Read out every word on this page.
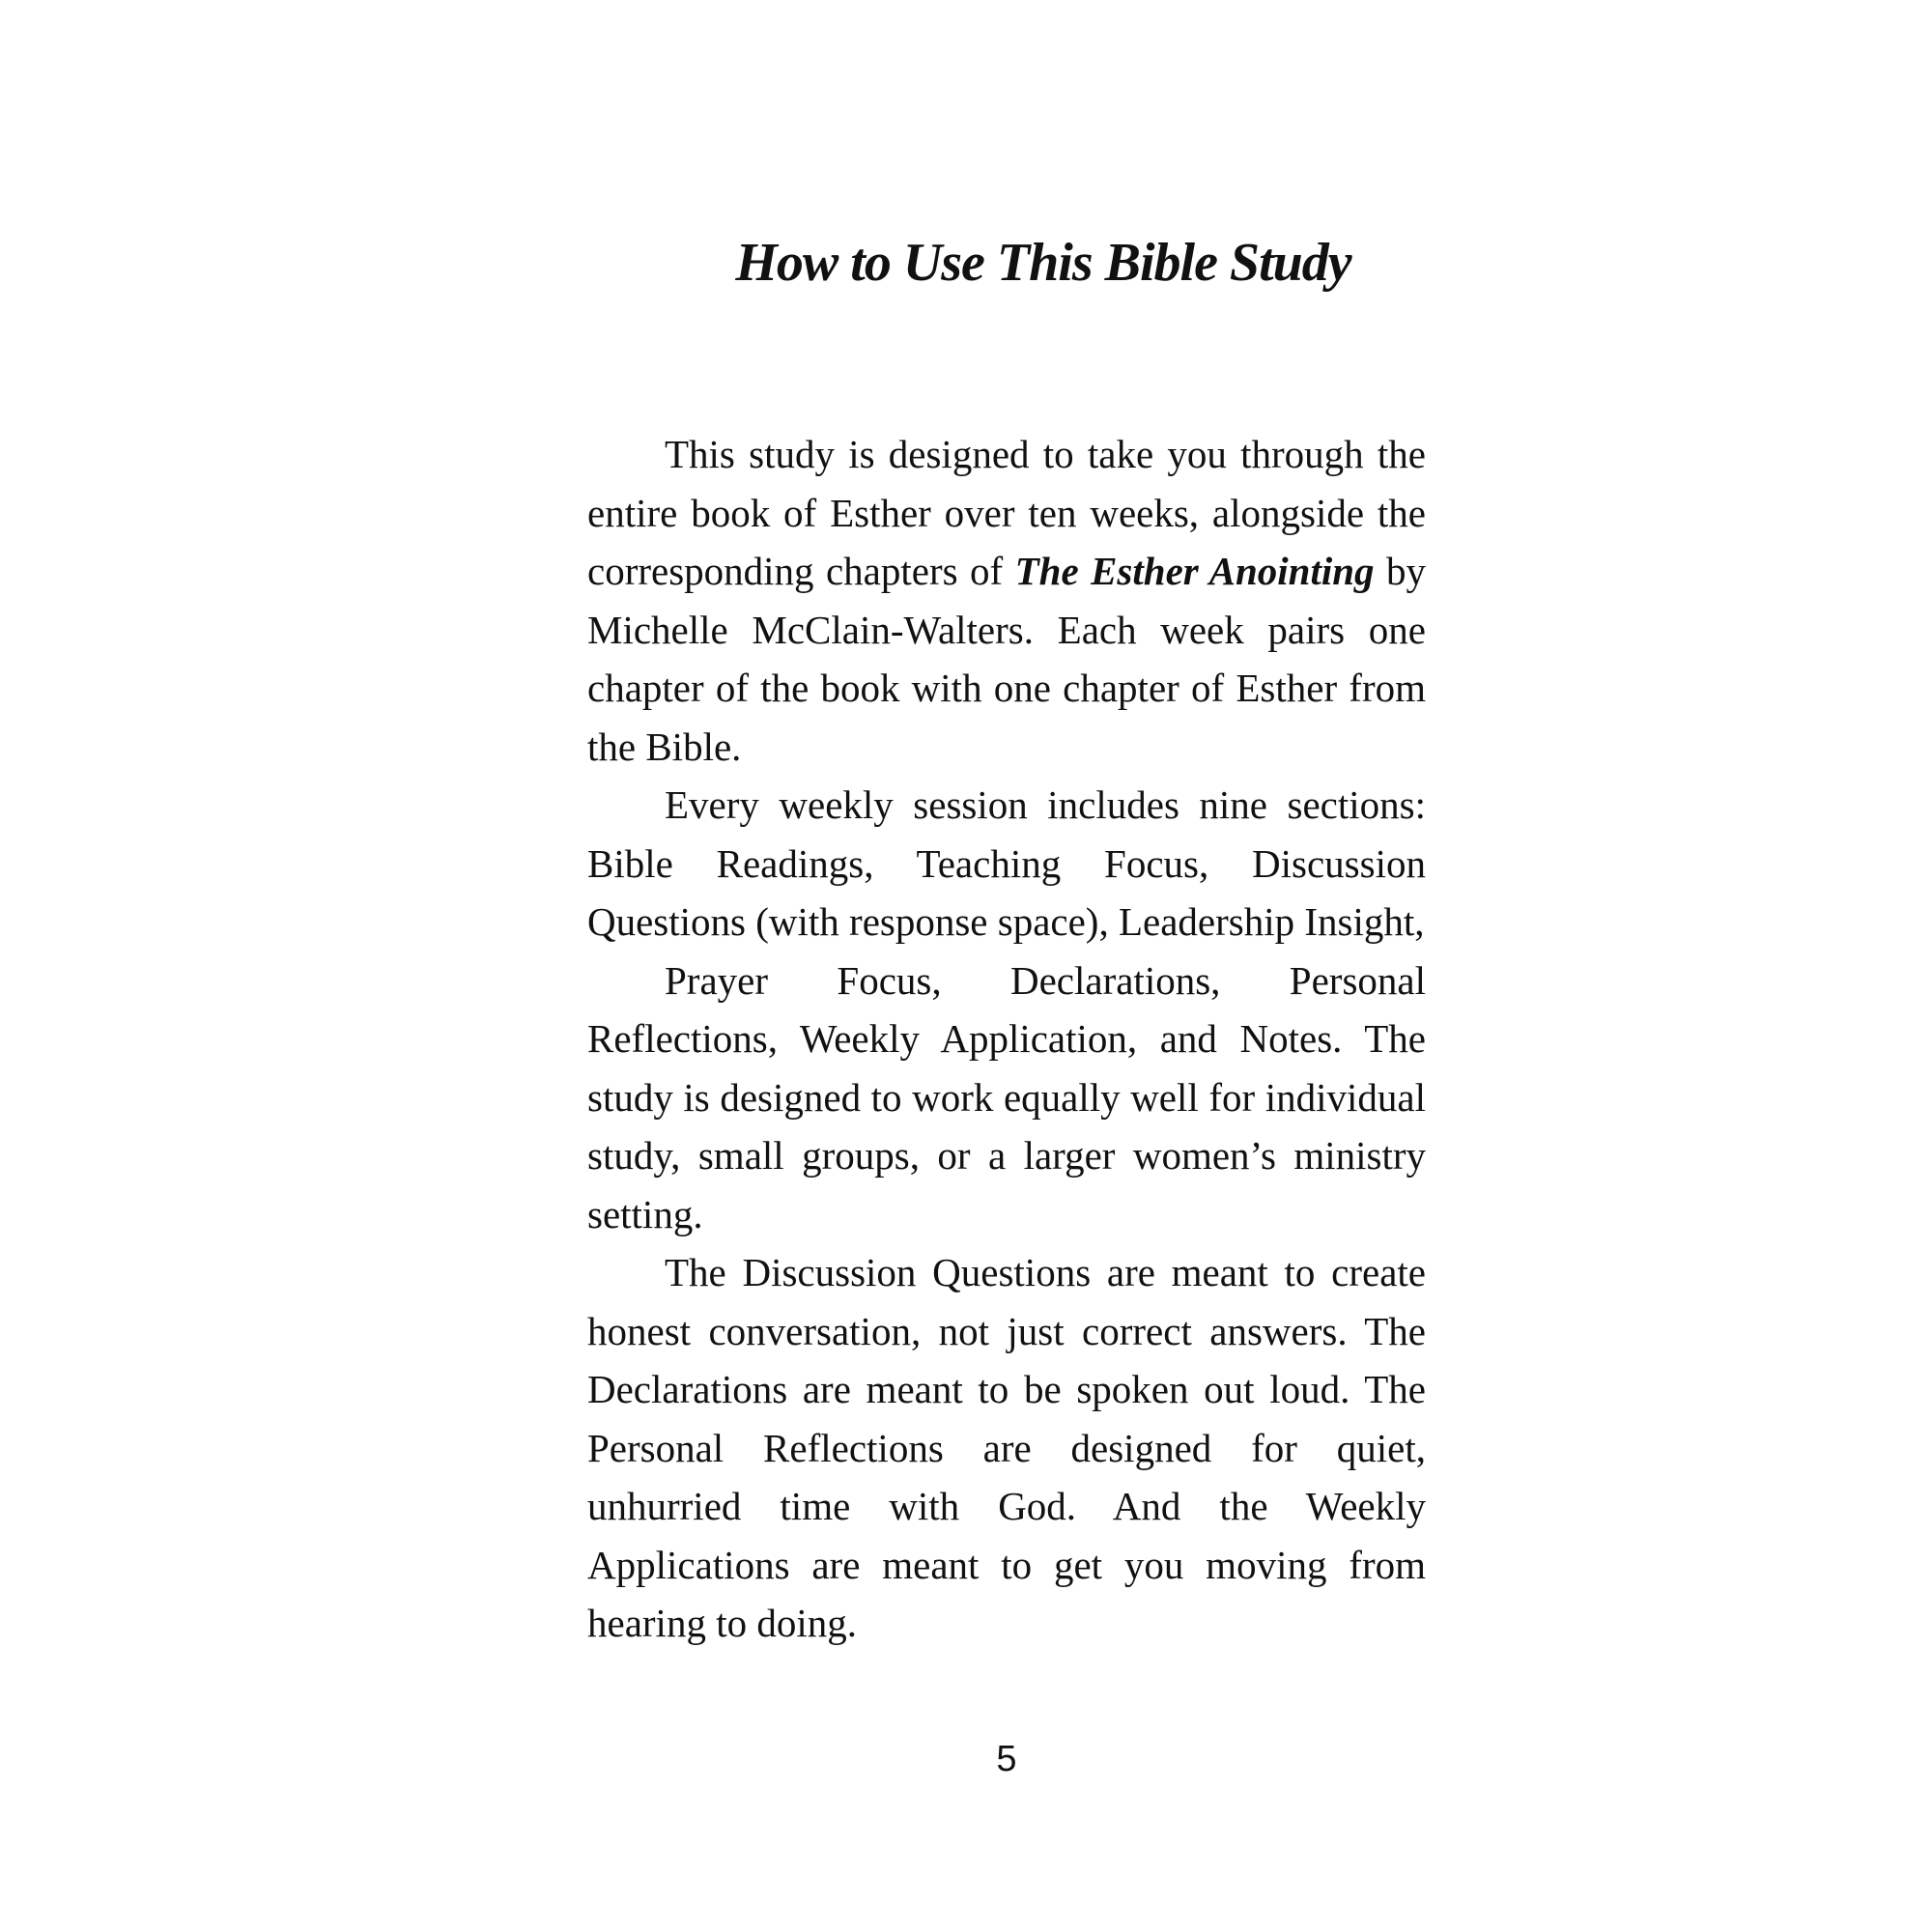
How to Use This Bible Study

This study is designed to take you through the entire book of Esther over ten weeks, alongside the corresponding chapters of The Esther Anointing by Michelle McClain-Walters. Each week pairs one chapter of the book with one chapter of Esther from the Bible.

Every weekly session includes nine sections: Bible Readings, Teaching Focus, Discussion Questions (with response space), Leadership Insight,

Prayer Focus, Declarations, Personal Reflections, Weekly Application, and Notes. The study is designed to work equally well for individual study, small groups, or a larger women’s ministry setting.

The Discussion Questions are meant to create honest conversation, not just correct answers. The Declarations are meant to be spoken out loud. The Personal Reflections are designed for quiet, unhurried time with God. And the Weekly Applications are meant to get you moving from hearing to doing.

5
